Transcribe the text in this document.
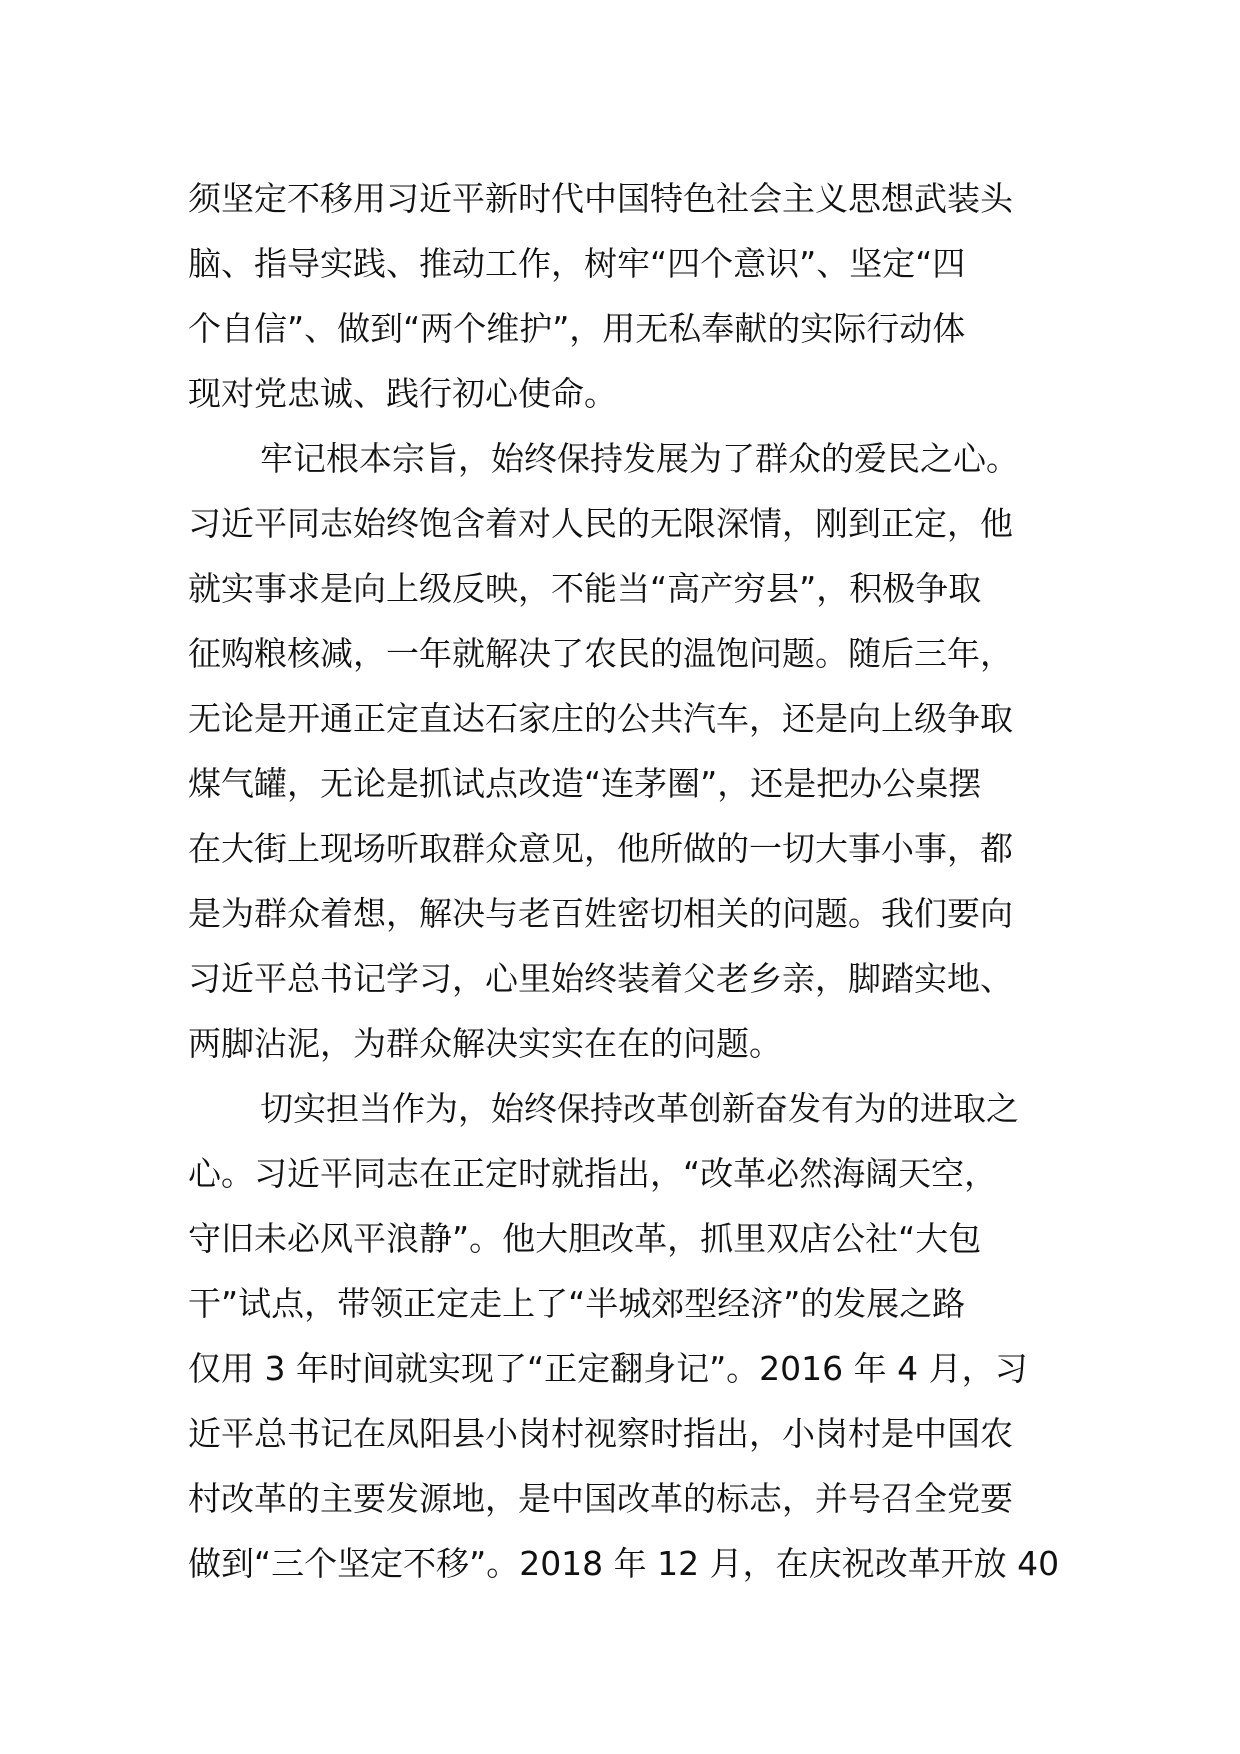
须坚定不移用习近平新时代中国特色社会主义思想武装头
脑、指导实践、推动工作，树牢“四个意识”、坚定“四
个自信”、做到“两个维护”，用无私奉献的实际行动体
现对党忠诚、践行初心使命。
牢记根本宗旨，始终保持发展为了群众的爱民之心。
习近平同志始终饱含着对人民的无限深情，刚到正定，他
就实事求是向上级反映，不能当“高产穷县”，积极争取
征购粮核减，一年就解决了农民的温饱问题。随后三年，
无论是开通正定直达石家庄的公共汽车，还是向上级争取
煤气罐，无论是抓试点改造“连茅圈”，还是把办公桌摆
在大街上现场听取群众意见，他所做的一切大事小事，都
是为群众着想，解决与老百姓密切相关的问题。我们要向
习近平总书记学习，心里始终装着父老乡亲，脚踏实地、
两脚沾泥，为群众解决实实在在的问题。
切实担当作为，始终保持改革创新奋发有为的进取之
心。习近平同志在正定时就指出，“改革必然海阔天空，
守旧未必风平浪静”。他大胆改革，抓里双店公社“大包
干”试点，带领正定走上了“半城郊型经济”的发展之路
仅用 3 年时间就实现了“正定翻身记”。2016 年 4 月，习
近平总书记在凤阳县小岗村视察时指出，小岗村是中国农
村改革的主要发源地，是中国改革的标志，并号召全党要
做到“三个坚定不移”。2018 年 12 月，在庆祝改革开放 40
